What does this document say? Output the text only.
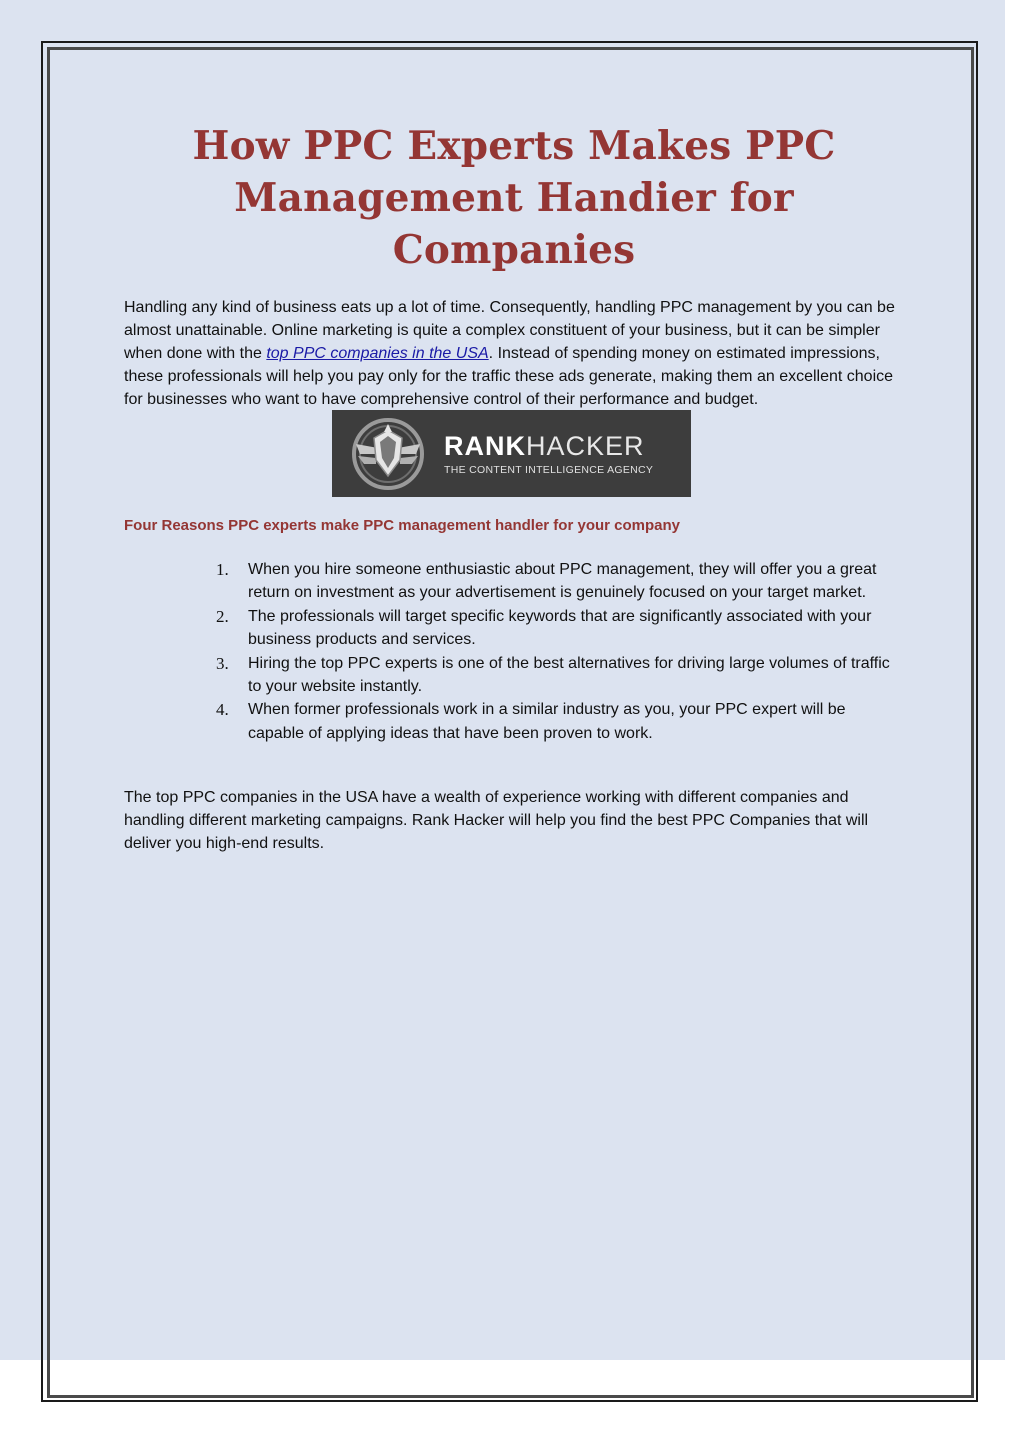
How PPC Experts Makes PPC
Management Handier for Companies

Handling any kind of business eats up a lot of time. Consequently, handling PPC management by you can be almost unattainable. Online marketing is quite a complex constituent of your business, but it can be simpler when done with the top PPC companies in the USA. Instead of spending money on estimated impressions, these professionals will help you pay only for the traffic these ads generate, making them an excellent choice for businesses who want to have comprehensive control of their performance and budget.

RANKHACKER
THE CONTENT INTELLIGENCE AGENCY
Four Reasons PPC experts make PPC management handler for your company
1. When you hire someone enthusiastic about PPC management, they will offer you a great return on investment as your advertisement is genuinely focused on your target market.
2. The professionals will target specific keywords that are significantly associated with your business products and services.
3. Hiring the top PPC experts is one of the best alternatives for driving large volumes of traffic to your website instantly.
4. When former professionals work in a similar industry as you, your PPC expert will be capable of applying ideas that have been proven to work.

The top PPC companies in the USA have a wealth of experience working with different companies and handling different marketing campaigns. Rank Hacker will help you find the best PPC Companies that will deliver you high-end results.
